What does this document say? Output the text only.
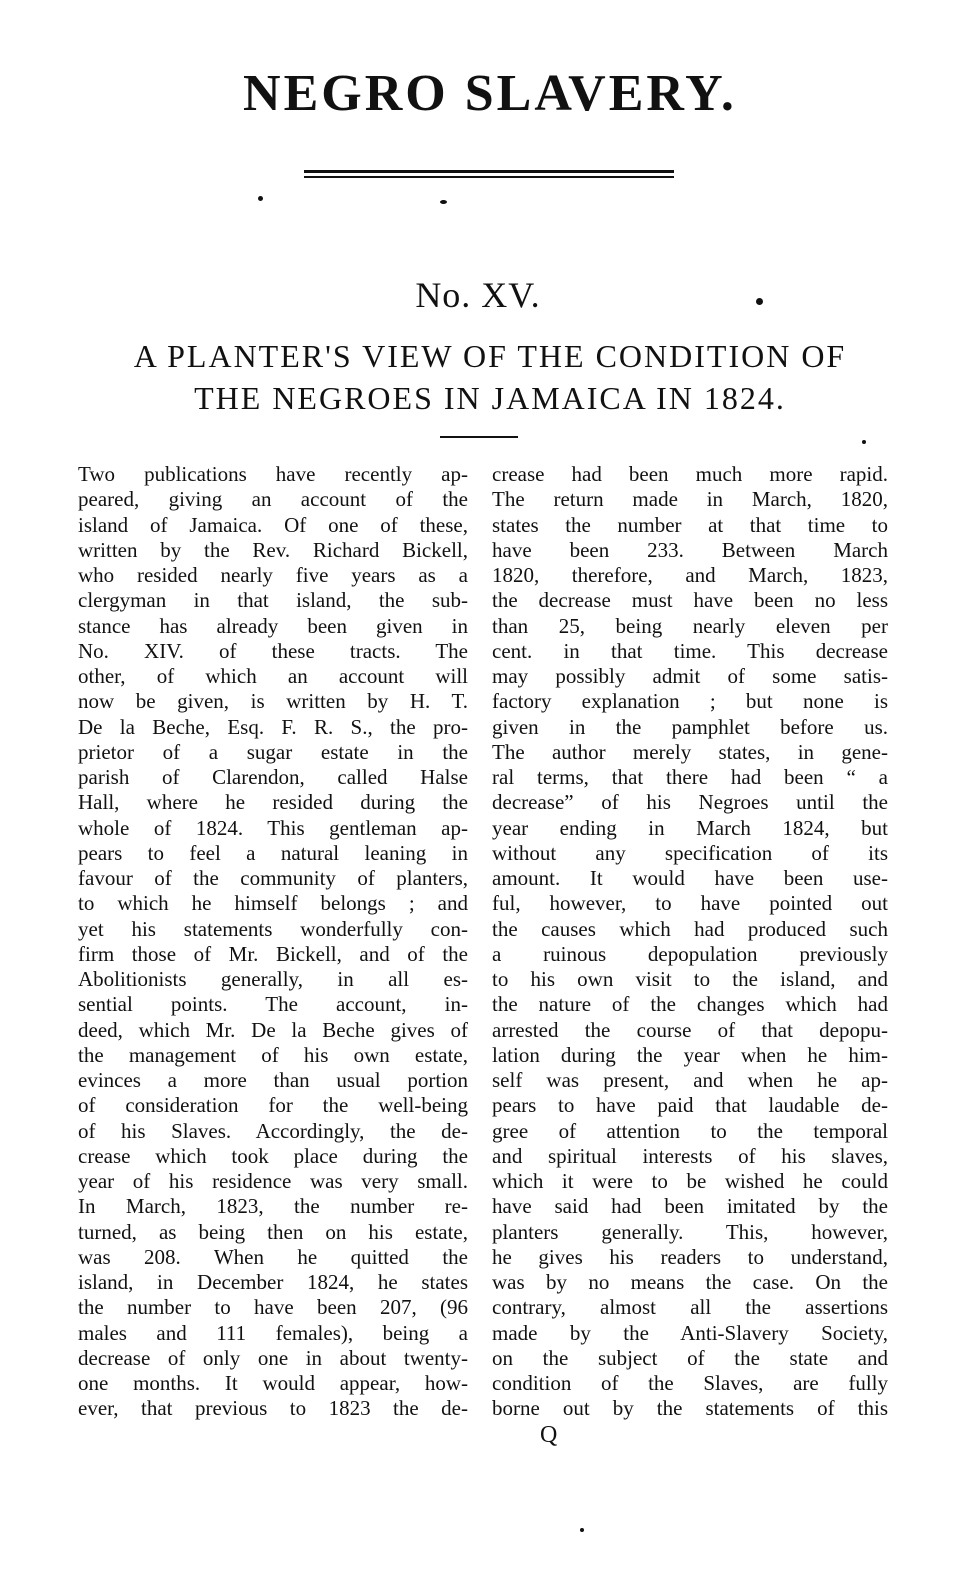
NEGRO SLAVERY.
No. XV.
A PLANTER'S VIEW OF THE CONDITION OF
THE NEGROES IN JAMAICA IN 1824.
Two publications have recently ap-
peared, giving an account of the
island of Jamaica. Of one of these,
written by the Rev. Richard Bickell,
who resided nearly five years as a
clergyman in that island, the sub-
stance has already been given in
No. XIV. of these tracts. The
other, of which an account will
now be given, is written by H. T.
De la Beche, Esq. F. R. S., the pro-
prietor of a sugar estate in the
parish of Clarendon, called Halse
Hall, where he resided during the
whole of 1824. This gentleman ap-
pears to feel a natural leaning in
favour of the community of planters,
to which he himself belongs ; and
yet his statements wonderfully con-
firm those of Mr. Bickell, and of the
Abolitionists generally, in all es-
sential points. The account, in-
deed, which Mr. De la Beche gives of
the management of his own estate,
evinces a more than usual portion
of consideration for the well-being
of his Slaves. Accordingly, the de-
crease which took place during the
year of his residence was very small.
In March, 1823, the number re-
turned, as being then on his estate,
was 208. When he quitted the
island, in December 1824, he states
the number to have been 207, (96
males and 111 females), being a
decrease of only one in about twenty-
one months. It would appear, how-
ever, that previous to 1823 the de-
crease had been much more rapid.
The return made in March, 1820,
states the number at that time to
have been 233. Between March
1820, therefore, and March, 1823,
the decrease must have been no less
than 25, being nearly eleven per
cent. in that time. This decrease
may possibly admit of some satis-
factory explanation ; but none is
given in the pamphlet before us.
The author merely states, in gene-
ral terms, that there had been “ a
decrease” of his Negroes until the
year ending in March 1824, but
without any specification of its
amount. It would have been use-
ful, however, to have pointed out
the causes which had produced such
a ruinous depopulation previously
to his own visit to the island, and
the nature of the changes which had
arrested the course of that depopu-
lation during the year when he him-
self was present, and when he ap-
pears to have paid that laudable de-
gree of attention to the temporal
and spiritual interests of his slaves,
which it were to be wished he could
have said had been imitated by the
planters generally. This, however,
he gives his readers to understand,
was by no means the case. On the
contrary, almost all the assertions
made by the Anti-Slavery Society,
on the subject of the state and
condition of the Slaves, are fully
borne out by the statements of this
Q
